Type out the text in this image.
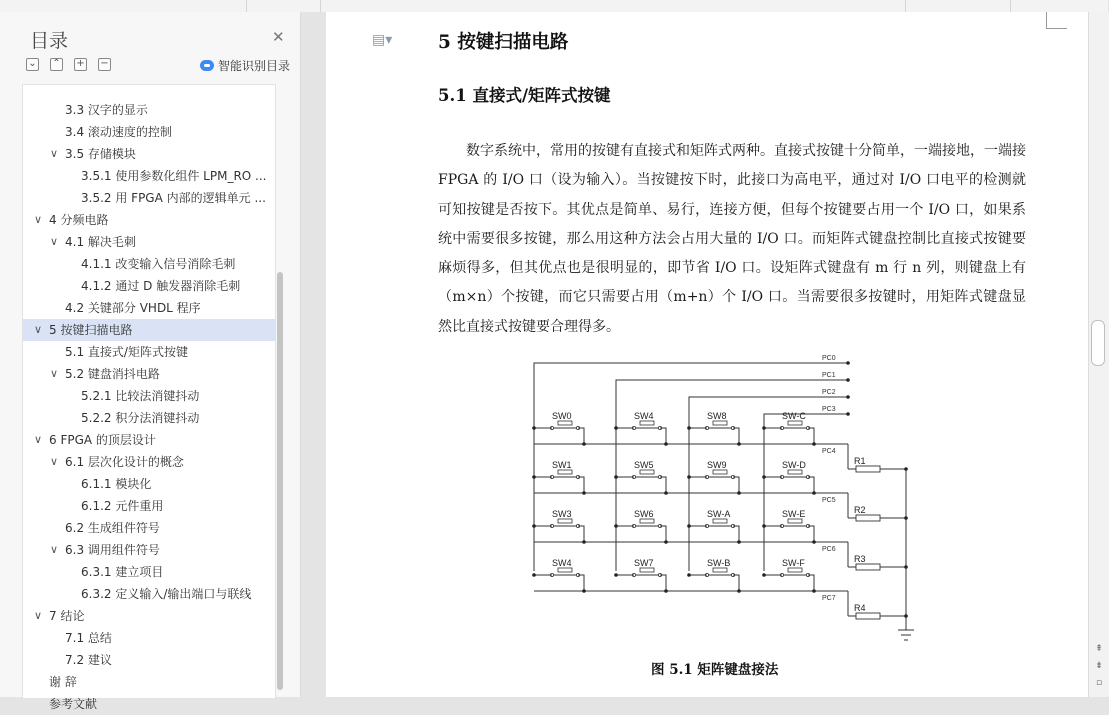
目录	✕
⌄ ⌃ + −	智能识别目录
3.3 汉字的显示
3.4 滚动速度的控制
∨ 3.5 存储模块
3.5.1 使用参数化组件 LPM_RO ...
3.5.2 用 FPGA 内部的逻辑单元 ...
∨ 4 分频电路
∨ 4.1 解决毛刺
4.1.1 改变输入信号消除毛刺
4.1.2 通过 D 触发器消除毛刺
4.2 关键部分 VHDL 程序
∨ 5 按键扫描电路
5.1 直接式/矩阵式按键
∨ 5.2 键盘消抖电路
5.2.1 比较法消键抖动
5.2.2 积分法消键抖动
∨ 6 FPGA 的顶层设计
∨ 6.1 层次化设计的概念
6.1.1 模块化
6.1.2 元件重用
6.2 生成组件符号
∨ 6.3 调用组件符号
6.3.1 建立项目
6.3.2 定义输入/输出端口与联线
∨ 7 结论
7.1 总结
7.2 建议
谢 辞
参考文献
▤▾ 5 按键扫描电路
5.1 直接式/矩阵式按键
数字系统中，常用的按键有直接式和矩阵式两种。直接式按键十分简单，一端接地，一端接 FPGA 的 I/O 口（设为输入）。当按键按下时，此接口为高电平，通过对 I/O 口电平的检测就可知按键是否按下。其优点是简单、易行，连接方便，但每个按键要占用一个 I/O 口，如果系统中需要很多按键，那么用这种方法会占用大量的 I/O 口。而矩阵式键盘控制比直接式按键要麻烦得多，但其优点也是很明显的，即节省 I/O 口。设矩阵式键盘有 m 行 n 列，则键盘上有（m×n）个按键，而它只需要占用（m+n）个 I/O 口。当需要很多按键时，用矩阵式键盘显然比直接式按键要合理得多。
SW0	SW4	SW8	SW-C
SW1	SW5	SW9	SW-D
SW3	SW6	SW-A	SW-E
SW4	SW7	SW-B	SW-F
PC0
PC1
PC2
PC3
PC4
PC5
PC6
PC7
R1
R2
R3
R4
图 5.1 矩阵键盘接法
⇞
⇟
▫
